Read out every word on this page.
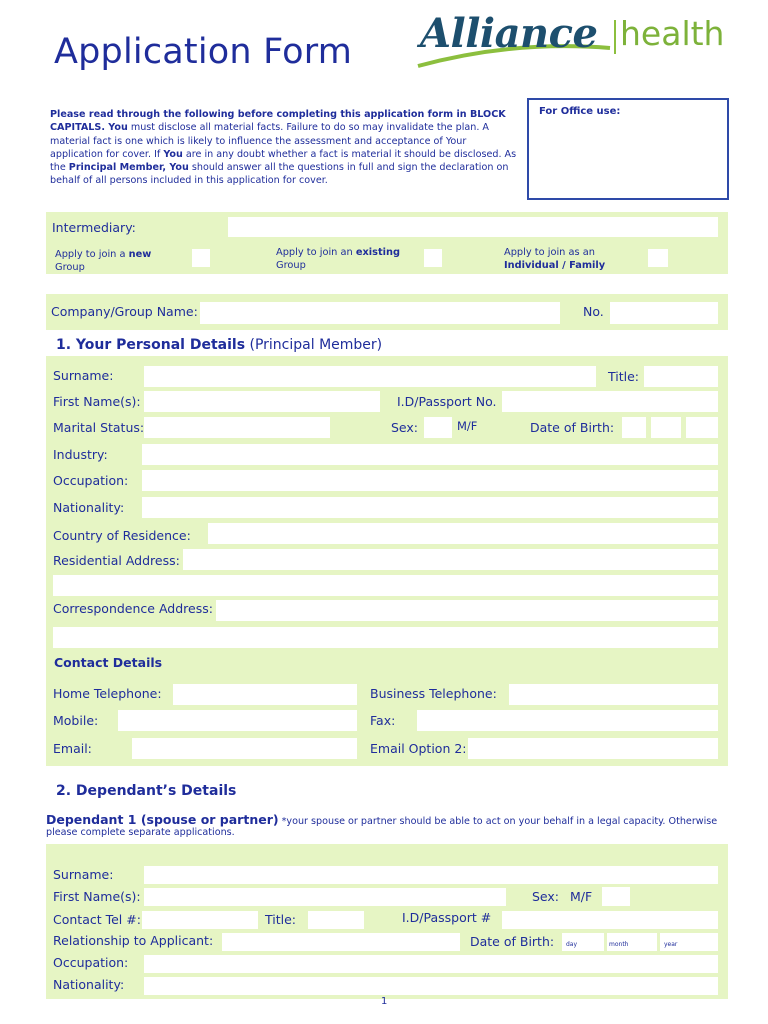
Application Form Alliance health
Please read through the following before completing this application form in BLOCK CAPITALS. You must disclose all material facts. Failure to do so may invalidate the plan. A material fact is one which is likely to influence the assessment and acceptance of Your application for cover. If You are in any doubt whether a fact is material it should be disclosed. As the Principal Member, You should answer all the questions in full and sign the declaration on behalf of all persons included in this application for cover.
For Office use:
Intermediary:
Apply to join a new
Group
Apply to join an existing
Group
Apply to join as an
Individual / Family
Company/Group Name:	No.
1. Your Personal Details (Principal Member)
Surname:	Title:
First Name(s):	I.D/Passport No.
Marital Status:	Sex:	M/F	Date of Birth:
Industry:
Occupation:
Nationality:
Country of Residence:
Residential Address:
Correspondence Address:
Contact Details
Home Telephone:	Business Telephone:
Mobile:	Fax:
Email:	Email Option 2:
2. Dependant’s Details
Dependant 1 (spouse or partner) *your spouse or partner should be able to act on your behalf in a legal capacity. Otherwise please complete separate applications.
Surname:
First Name(s):	Sex: M/F
Contact Tel #:	Title:	I.D/Passport #
Relationship to Applicant:	Date of Birth: day	month	year
Occupation:
Nationality:
1
